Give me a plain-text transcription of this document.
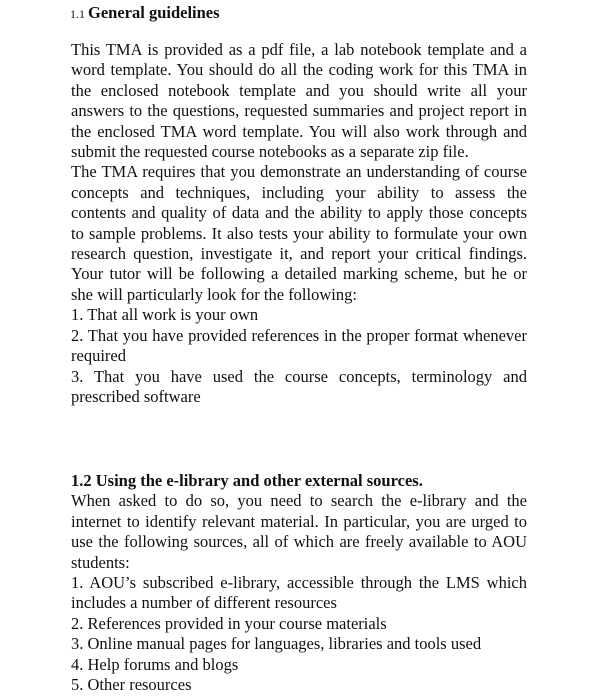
1.1 General guidelines

This TMA is provided as a pdf file, a lab notebook template and a word template. You should do all the coding work for this TMA in the enclosed notebook template and you should write all your answers to the questions, requested summaries and project report in the enclosed TMA word template. You will also work through and submit the requested course notebooks as a separate zip file.

The TMA requires that you demonstrate an understanding of course concepts and techniques, including your ability to assess the contents and quality of data and the ability to apply those concepts to sample problems. It also tests your ability to formulate your own research question, investigate it, and report your critical findings. Your tutor will be following a detailed marking scheme, but he or she will particularly look for the following:

1. That all work is your own

2. That you have provided references in the proper format whenever required

3. That you have used the course concepts, terminology and prescribed software

1.2 Using the e-library and other external sources.

When asked to do so, you need to search the e-library and the internet to identify relevant material. In particular, you are urged to use the following sources, all of which are freely available to AOU students:

1. AOU’s subscribed e-library, accessible through the LMS which includes a number of different resources

2. References provided in your course materials

3. Online manual pages for languages, libraries and tools used

4. Help forums and blogs

5. Other resources
